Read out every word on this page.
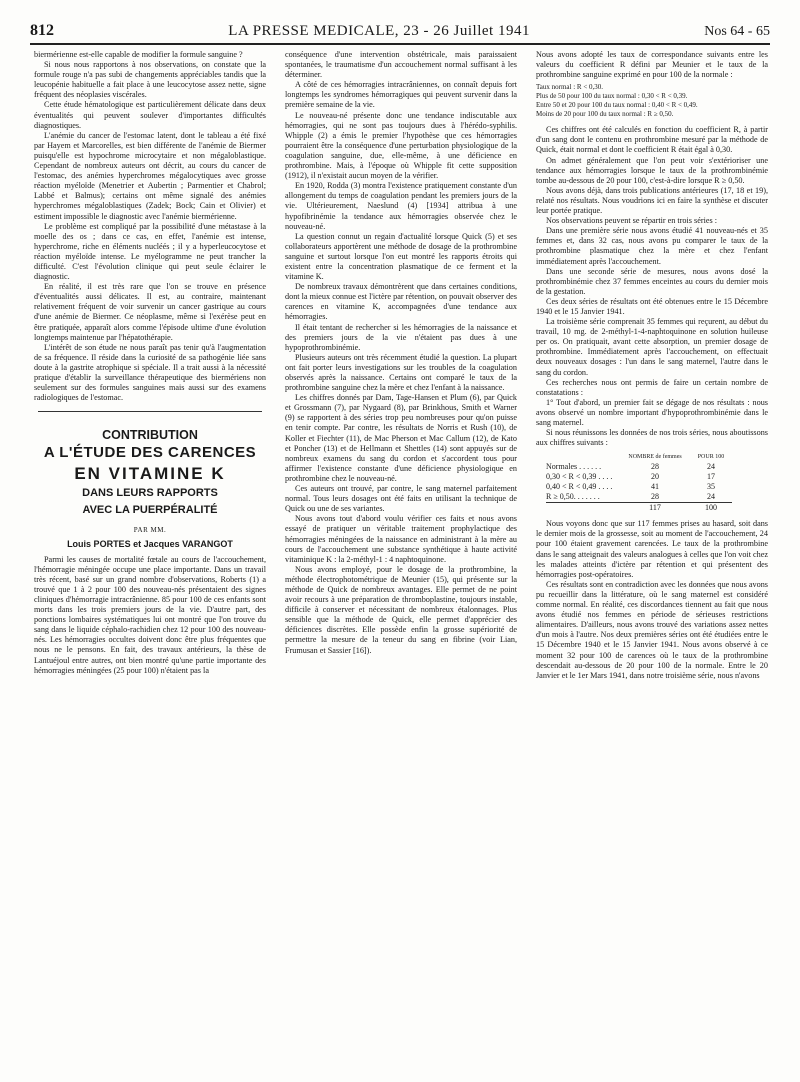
812	LA PRESSE MEDICALE, 23 - 26 Juillet 1941	Nos 64 - 65

biermérienne est-elle capable de modifier la formule sanguine ?

Si nous nous rapportons à nos observations, on constate que la formule rouge n'a pas subi de changements appréciables tandis que la leucopénie habituelle a fait place à une leucocytose assez nette, signe fréquent des néoplasies viscérales.

Cette étude hématologique est particulièrement délicate dans deux éventualités qui peuvent soulever d'importantes difficultés diagnostiques.

L'anémie du cancer de l'estomac latent, dont le tableau a été fixé par Hayem et Marcorelles, est bien différente de l'anémie de Biermer puisqu'elle est hypochrome microcytaire et non mégaloblastique. Cependant de nombreux auteurs ont décrit, au cours du cancer de l'estomac, des anémies hyperchromes mégalocytiques avec grosse réaction myéloïde (Menetrier et Aubertin ; Parmentier et Chabrol; Labbé et Balmus); certains ont même signalé des anémies hyperchromes mégaloblastiques (Zadek; Bock; Cain et Olivier) et estiment impossible le diagnostic avec l'anémie biermérienne.

Le problème est compliqué par la possibilité d'une métastase à la moelle des os ; dans ce cas, en effet, l'anémie est intense, hyperchrome, riche en éléments nucléés ; il y a hyperleucocytose et réaction myéloïde intense. Le myélogramme ne peut trancher la difficulté. C'est l'évolution clinique qui peut seule éclairer le diagnostic.

En réalité, il est très rare que l'on se trouve en présence d'éventualités aussi délicates. Il est, au contraire, maintenant relativement fréquent de voir survenir un cancer gastrique au cours d'une anémie de Biermer. Ce néoplasme, même si l'exérèse peut en être pratiquée, apparaît alors comme l'épisode ultime d'une évolution longtemps maintenue par l'hépatothérapie.

L'intérêt de son étude ne nous paraît pas tenir qu'à l'augmentation de sa fréquence. Il réside dans la curiosité de sa pathogénie liée sans doute à la gastrite atrophique si spéciale. Il a trait aussi à la nécessité pratique d'établir la surveillance thérapeutique des biermériens non seulement sur des formules sanguines mais aussi sur des examens radiologiques de l'estomac.

CONTRIBUTION
A L'ÉTUDE DES CARENCES
EN VITAMINE K
DANS LEURS RAPPORTS
AVEC LA PUERPÉRALITÉ
PAR MM.
Louis PORTES et Jacques VARANGOT

Parmi les causes de mortalité fœtale au cours de l'accouchement, l'hémorragie méningée occupe une place importante. Dans un travail très récent, basé sur un grand nombre d'observations, Roberts (1) a trouvé que 1 à 2 pour 100 des nouveau-nés présentaient des signes cliniques d'hémorragie intracrânienne. 85 pour 100 de ces enfants sont morts dans les trois premiers jours de la vie. D'autre part, des ponctions lombaires systématiques lui ont montré que l'on trouve du sang dans le liquide céphalo-rachidien chez 12 pour 100 des nouveau-nés. Les hémorragies occultes doivent donc être plus fréquentes que nous ne le pensons. En fait, des travaux antérieurs, la thèse de Lantuéjoul entre autres, ont bien montré qu'une partie importante des hémorragies méningées (25 pour 100) n'étaient pas la

conséquence d'une intervention obstétricale, mais paraissaient spontanées, le traumatisme d'un accouchement normal suffisant à les déterminer.

A côté de ces hémorragies intracrâniennes, on connaît depuis fort longtemps les syndromes hémorragiques qui peuvent survenir dans la première semaine de la vie.

Le nouveau-né présente donc une tendance indiscutable aux hémorragies, qui ne sont pas toujours dues à l'hérédo-syphilis. Whipple (2) a émis le premier l'hypothèse que ces hémorragies pourraient être la conséquence d'une perturbation physiologique de la coagulation sanguine, due, elle-même, à une déficience en prothrombine. Mais, à l'époque où Whipple fit cette supposition (1912), il n'existait aucun moyen de la vérifier.

En 1920, Rodda (3) montra l'existence pratiquement constante d'un allongement du temps de coagulation pendant les premiers jours de la vie. Ultérieurement, Naeslund (4) [1934] attribua à une hypofibrinémie la tendance aux hémorragies observée chez le nouveau-né.

La question connut un regain d'actualité lorsque Quick (5) et ses collaborateurs apportèrent une méthode de dosage de la prothrombine sanguine et surtout lorsque l'on eut montré les rapports étroits qui existent entre la concentration plasmatique de ce ferment et la vitamine K.

De nombreux travaux démontrèrent que dans certaines conditions, dont la mieux connue est l'ictère par rétention, on pouvait observer des carences en vitamine K, accompagnées d'une tendance aux hémorragies.

Il était tentant de rechercher si les hémorragies de la naissance et des premiers jours de la vie n'étaient pas dues à une hypoprothrombinémie.

Plusieurs auteurs ont très récemment étudié la question. La plupart ont fait porter leurs investigations sur les troubles de la coagulation observés après la naissance. Certains ont comparé le taux de la prothrombine sanguine chez la mère et chez l'enfant à la naissance.

Les chiffres donnés par Dam, Tage-Hansen et Plum (6), par Quick et Grossmann (7), par Nygaard (8), par Brinkhous, Smith et Warner (9) se rapportent à des séries trop peu nombreuses pour qu'on puisse en tenir compte. Par contre, les résultats de Norris et Rush (10), de Koller et Fiechter (11), de Mac Pherson et Mac Callum (12), de Kato et Poncher (13) et de Hellmann et Shettles (14) sont appuyés sur de nombreux examens du sang du cordon et s'accordent tous pour affirmer l'existence constante d'une déficience physiologique en prothrombine chez le nouveau-né.

Ces auteurs ont trouvé, par contre, le sang maternel parfaitement normal. Tous leurs dosages ont été faits en utilisant la technique de Quick ou une de ses variantes.

Nous avons tout d'abord voulu vérifier ces faits et nous avons essayé de pratiquer un véritable traitement prophylactique des hémorragies méningées de la naissance en administrant à la mère au cours de l'accouchement une substance synthétique à haute activité vitaminique K : la 2-méthyl-1 : 4 naphtoquinone.

Nous avons employé, pour le dosage de la prothrombine, la méthode électrophotométrique de Meunier (15), qui présente sur la méthode de Quick de nombreux avantages. Elle permet de ne point avoir recours à une préparation de thromboplastine, toujours instable, difficile à conserver et nécessitant de nombreux étalonnages. Plus sensible que la méthode de Quick, elle permet d'apprécier des déficiences discrètes. Elle possède enfin la grosse supériorité de permettre la mesure de la teneur du sang en fibrine (voir Lian, Frumusan et Sassier [16]).

Nous avons adopté les taux de correspondance suivants entre les valeurs du coefficient R défini par Meunier et le taux de la prothrombine sanguine exprimé en pour 100 de la normale :

Taux normal : R < 0,30.
Plus de 50 pour 100 du taux normal : 0,30 < R < 0,39.
Entre 50 et 20 pour 100 du taux normal : 0,40 < R < 0,49.
Moins de 20 pour 100 du taux normal : R ≥ 0,50.

Ces chiffres ont été calculés en fonction du coefficient R, à partir d'un sang dont le contenu en prothrombine mesuré par la méthode de Quick, était normal et dont le coefficient R était égal à 0,30.

On admet généralement que l'on peut voir s'extérioriser une tendance aux hémorragies lorsque le taux de la prothrombinémie tombe au-dessous de 20 pour 100, c'est-à-dire lorsque R ≥ 0,50.

Nous avons déjà, dans trois publications antérieures (17, 18 et 19), relaté nos résultats. Nous voudrions ici en faire la synthèse et discuter leur portée pratique.

Nos observations peuvent se répartir en trois séries :

Dans une première série nous avons étudié 41 nouveau-nés et 35 femmes et, dans 32 cas, nous avons pu comparer le taux de la prothrombine plasmatique chez la mère et chez l'enfant immédiatement après l'accouchement.

Dans une seconde série de mesures, nous avons dosé la prothrombinémie chez 37 femmes enceintes au cours du dernier mois de la gestation.

Ces deux séries de résultats ont été obtenues entre le 15 Décembre 1940 et le 15 Janvier 1941.

La troisième série comprenait 35 femmes qui reçurent, au début du travail, 10 mg. de 2-méthyl-1-4-naphtoquinone en solution huileuse per os. On pratiquait, avant cette absorption, un premier dosage de prothrombine. Immédiatement après l'accouchement, on effectuait deux nouveaux dosages : l'un dans le sang maternel, l'autre dans le sang du cordon.

Ces recherches nous ont permis de faire un certain nombre de constatations :

1° Tout d'abord, un premier fait se dégage de nos résultats : nous avons observé un nombre important d'hypoprothrombinémie dans le sang maternel.

Si nous réunissons les données de nos trois séries, nous aboutissons aux chiffres suivants :

	NOMBRE de femmes	POUR 100
Normales . . . . . .	28	24
0,30 < R < 0,39 . . . .	20	17
0,40 < R < 0,49 . . . .	41	35
R ≥ 0,50. . . . . . .	28	24
	117	100

Nous voyons donc que sur 117 femmes prises au hasard, soit dans le dernier mois de la grossesse, soit au moment de l'accouchement, 24 pour 100 étaient gravement carencées. Le taux de la prothrombine dans le sang atteignait des valeurs analogues à celles que l'on voit chez les malades atteints d'ictère par rétention et qui présentent des hémorragies post-opératoires.

Ces résultats sont en contradiction avec les données que nous avons pu recueillir dans la littérature, où le sang maternel est considéré comme normal. En réalité, ces discordances tiennent au fait que nous avons étudié nos femmes en période de sérieuses restrictions alimentaires. D'ailleurs, nous avons trouvé des variations assez nettes d'un mois à l'autre. Nos deux premières séries ont été étudiées entre le 15 Décembre 1940 et le 15 Janvier 1941. Nous avons observé à ce moment 32 pour 100 de carences où le taux de la prothrombine descendait au-dessous de 20 pour 100 de la normale. Entre le 20 Janvier et le 1er Mars 1941, dans notre troisième série, nous n'avons
